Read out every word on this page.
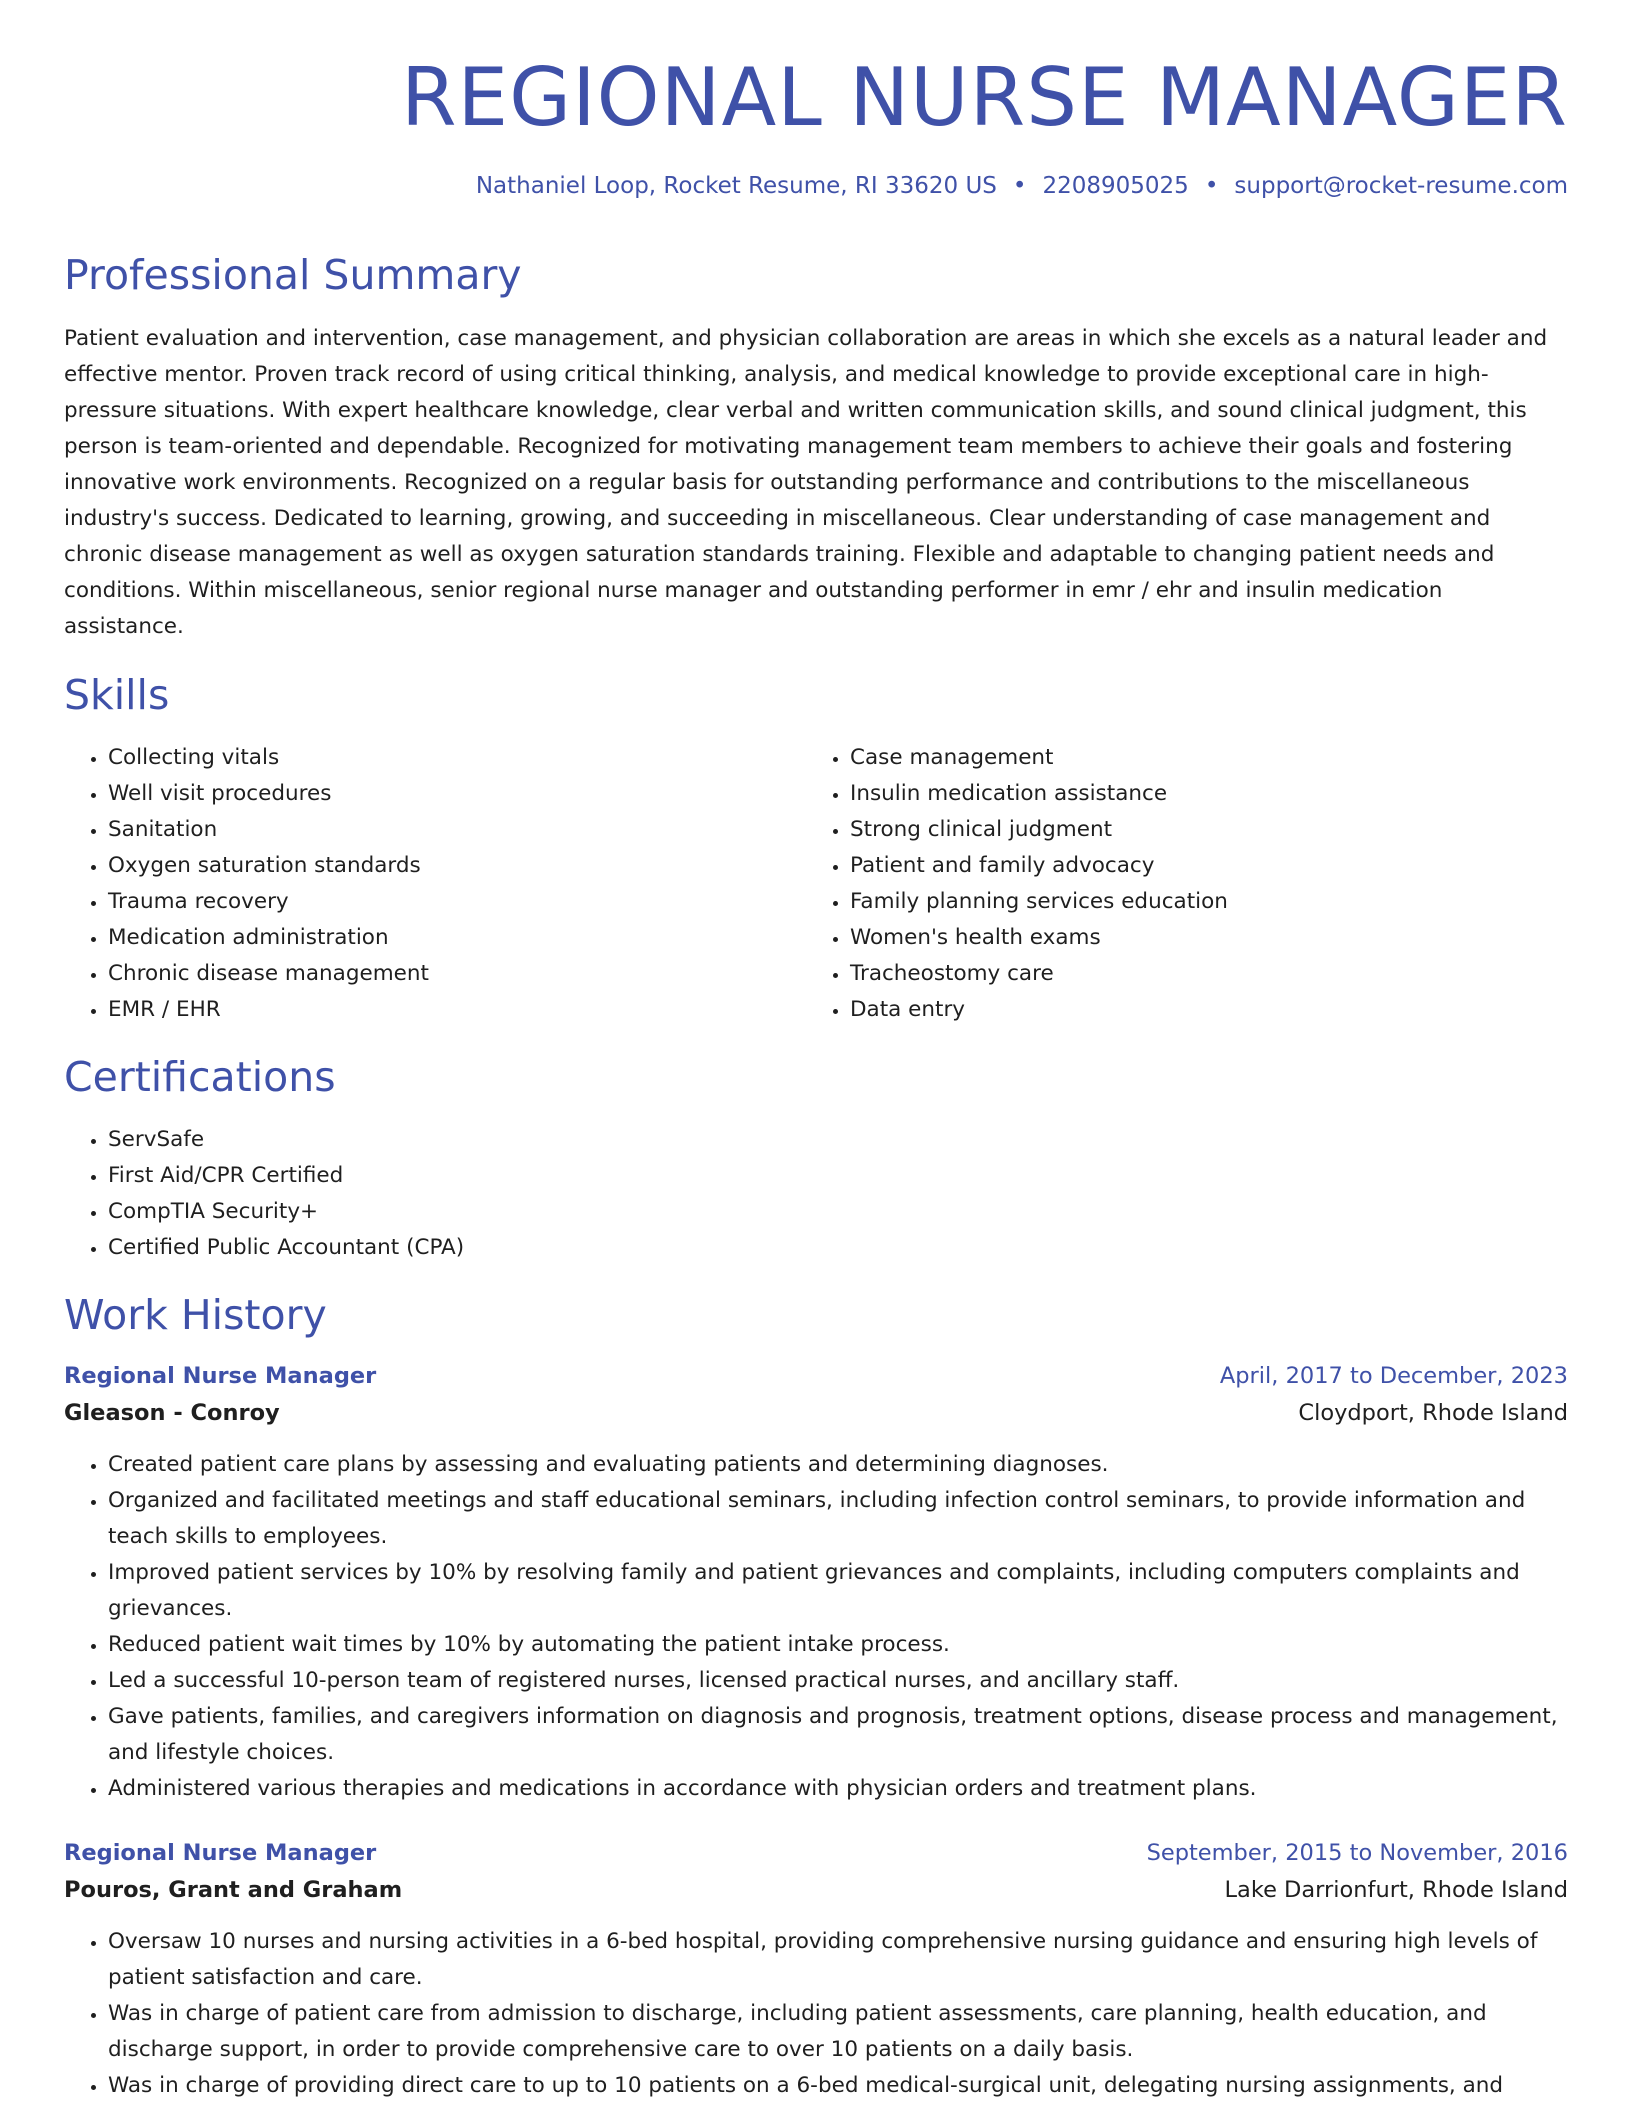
REGIONAL NURSE MANAGER
Nathaniel Loop, Rocket Resume, RI 33620 US • 2208905025 • support@rocket-resume.com
Professional Summary

Patient evaluation and intervention, case management, and physician collaboration are areas in which she excels as a natural leader and effective mentor. Proven track record of using critical thinking, analysis, and medical knowledge to provide exceptional care in high-pressure situations. With expert healthcare knowledge, clear verbal and written communication skills, and sound clinical judgment, this person is team-oriented and dependable. Recognized for motivating management team members to achieve their goals and fostering innovative work environments. Recognized on a regular basis for outstanding performance and contributions to the miscellaneous industry's success. Dedicated to learning, growing, and succeeding in miscellaneous. Clear understanding of case management and chronic disease management as well as oxygen saturation standards training. Flexible and adaptable to changing patient needs and conditions. Within miscellaneous, senior regional nurse manager and outstanding performer in emr / ehr and insulin medication assistance.

Skills
• Collecting vitals
• Well visit procedures
• Sanitation
• Oxygen saturation standards
• Trauma recovery
• Medication administration
• Chronic disease management
• EMR / EHR
• Case management
• Insulin medication assistance
• Strong clinical judgment
• Patient and family advocacy
• Family planning services education
• Women's health exams
• Tracheostomy care
• Data entry
Certifications
• ServSafe
• First Aid/CPR Certified
• CompTIA Security+
• Certified Public Accountant (CPA)
Work History
Regional Nurse Manager	April, 2017 to December, 2023
Gleason - Conroy	Cloydport, Rhode Island
• Created patient care plans by assessing and evaluating patients and determining diagnoses.
• Organized and facilitated meetings and staff educational seminars, including infection control seminars, to provide information and teach skills to employees.
• Improved patient services by 10% by resolving family and patient grievances and complaints, including computers complaints and grievances.
• Reduced patient wait times by 10% by automating the patient intake process.
• Led a successful 10-person team of registered nurses, licensed practical nurses, and ancillary staff.
• Gave patients, families, and caregivers information on diagnosis and prognosis, treatment options, disease process and management, and lifestyle choices.
• Administered various therapies and medications in accordance with physician orders and treatment plans.
Regional Nurse Manager	September, 2015 to November, 2016
Pouros, Grant and Graham	Lake Darrionfurt, Rhode Island
• Oversaw 10 nurses and nursing activities in a 6-bed hospital, providing comprehensive nursing guidance and ensuring high levels of patient satisfaction and care.
• Was in charge of patient care from admission to discharge, including patient assessments, care planning, health education, and discharge support, in order to provide comprehensive care to over 10 patients on a daily basis.
• Was in charge of providing direct care to up to 10 patients on a 6-bed medical-surgical unit, delegating nursing assignments, and
